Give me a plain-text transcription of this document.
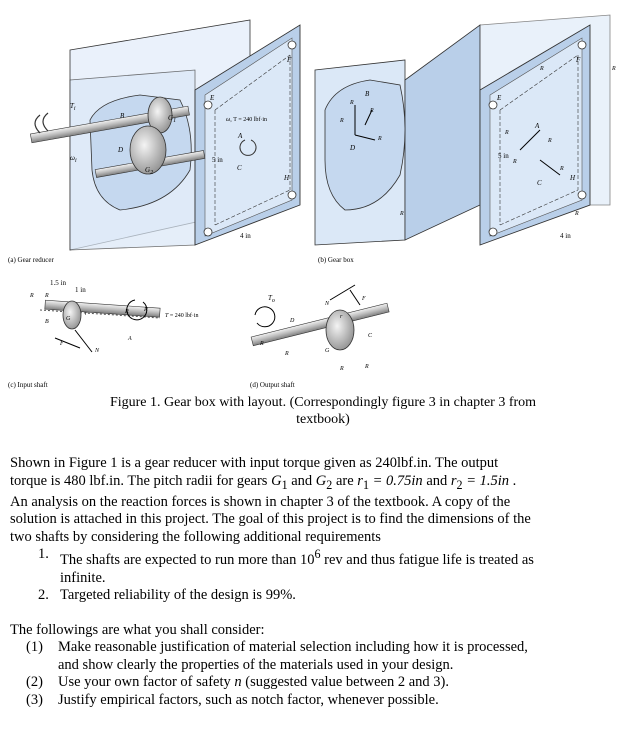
Ti
ωi
B
D
G1
G2
E
F
H
A
C
5 in
4 in
ω, T = 240 lbf·in
(a) Gear reducer
B
D
R
R
R
R
R
R	R
R
E
F
H
A
C
5 in
4 in
R
R
R
R
(b) Gear box
1.5 in
1 in
R R
R	R
B
r
G
A
F
N
T = 240 lbf·in
(c) Input shaft
To
D
N
F
r
G
C
R
R
R	R
(d) Output shaft
Figure 1. Gear box with layout. (Correspondingly figure 3 in chapter 3 from
textbook)

Shown in Figure 1 is a gear reducer with input torque given as 240lbf.in. The output
torque is 480 lbf.in. The pitch radii for gears $G_1$ and $G_2$ are $r_1 = 0.75in$ and $r_2 = 1.5in$ .

An analysis on the reaction forces is shown in chapter 3 of the textbook. A copy of the
solution is attached in this project. The goal of this project is to find the dimensions of the
two shafts by considering the following additional requirements

1. The shafts are expected to run more than $10^6$ rev and thus fatigue life is treated as
infinite.
2. Targeted reliability of the design is 99%.

The followings are what you shall consider:

(1) Make reasonable justification of material selection including how it is processed,
and show clearly the properties of the materials used in your design.
(2) Use your own factor of safety n (suggested value between 2 and 3).
(3) Justify empirical factors, such as notch factor, whenever possible.
